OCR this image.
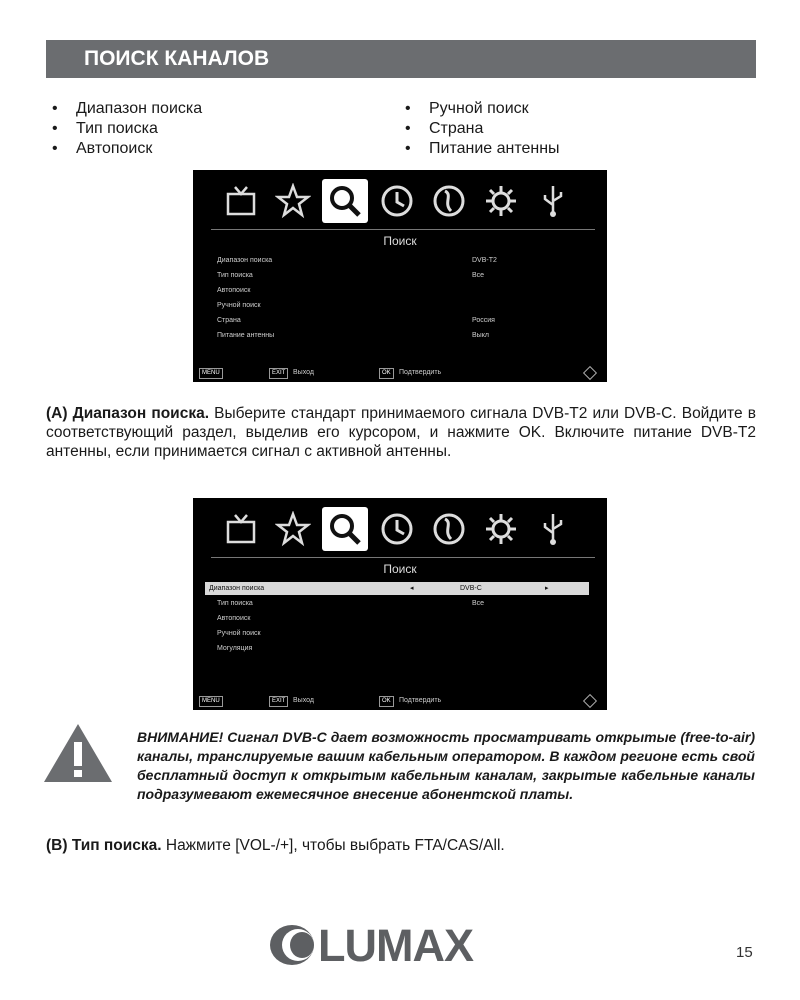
ПОИСК КАНАЛОВ
• Диапазон поиска
• Тип поиска
• Автопоиск
• Ручной поиск
• Страна
• Питание антенны
Поиск
Диапазон поиска	DVB-T2
Тип поиска	Все
Автопоиск
Ручной поиск
Страна	Россия
Питание антенны	Выкл
MENU	EXIT	Выход	OK	Подтвердить
(A) Диапазон поиска. Выберите стандарт принимаемого сигнала DVB-T2 или DVB-C. Войдите в соответствующий раздел, выделив его курсором, и нажмите OK. Включите питание DVB-T2 антенны, если принимается сигнал с активной антенны.
Поиск
Диапазон поиска	◂	DVB-C	▸
Тип поиска	Все
Автопоиск
Ручной поиск
Могуляция
MENU	EXIT	Выход	OK	Подтвердить
ВНИМАНИЕ! Сигнал DVB-C дает возможность просматривать открытые (free-to-air) каналы, транслируемые вашим кабельным оператором. В каждом регионе есть свой бесплатный доступ к открытым кабельным каналам, закрытые кабельные каналы подразумевают ежемесячное внесение абонентской платы.
(B) Тип поиска. Нажмите [VOL-/+], чтобы выбрать FTA/CAS/All.
LUMAX	15
